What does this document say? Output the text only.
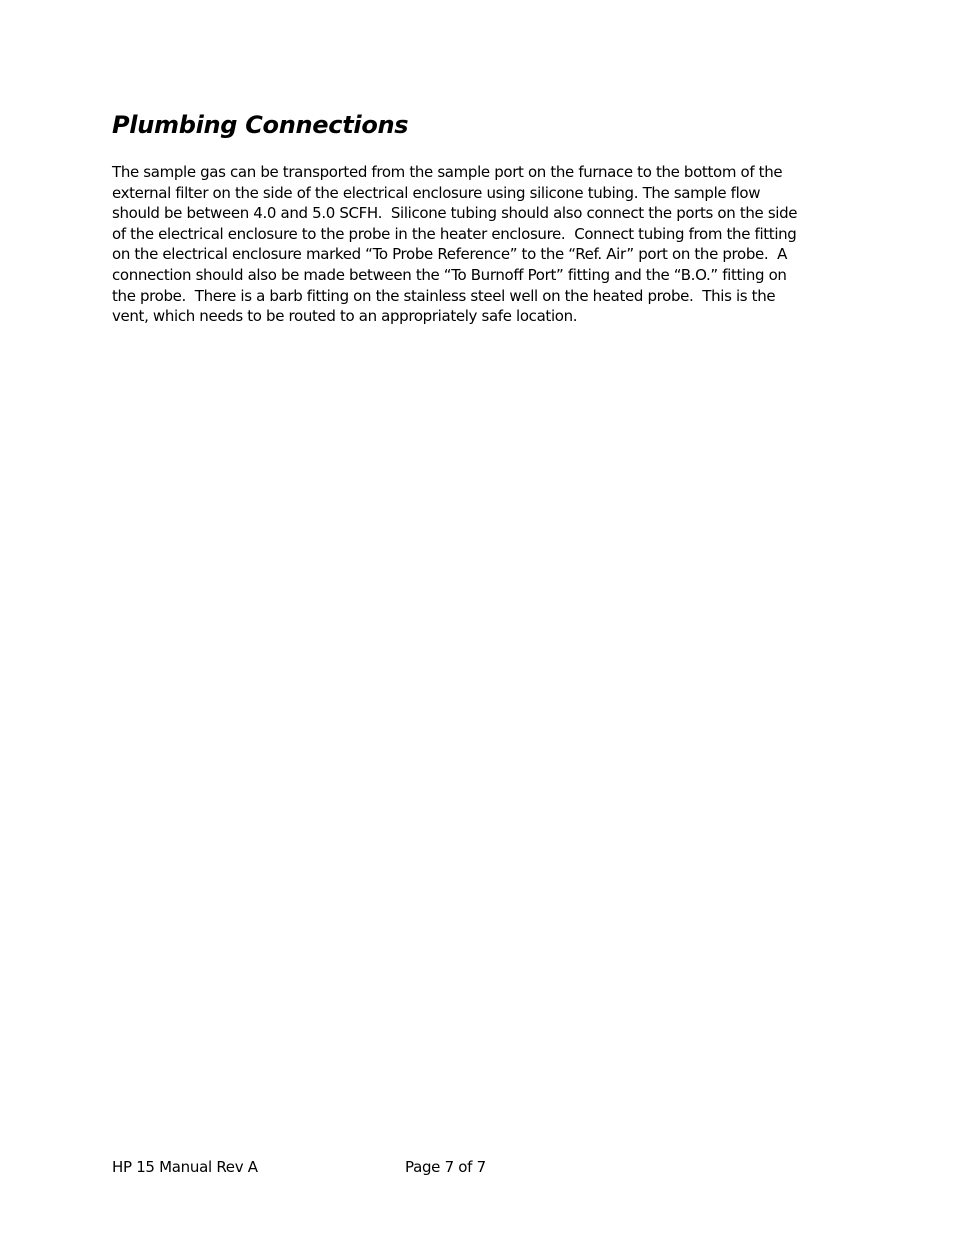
Plumbing Connections
The sample gas can be transported from the sample port on the furnace to the bottom of the
external filter on the side of the electrical enclosure using silicone tubing. The sample flow
should be between 4.0 and 5.0 SCFH.  Silicone tubing should also connect the ports on the side
of the electrical enclosure to the probe in the heater enclosure.  Connect tubing from the fitting
on the electrical enclosure marked “To Probe Reference” to the “Ref. Air” port on the probe.  A
connection should also be made between the “To Burnoff Port” fitting and the “B.O.” fitting on
the probe.  There is a barb fitting on the stainless steel well on the heated probe.  This is the
vent, which needs to be routed to an appropriately safe location.
HP 15 Manual Rev A	Page 7 of 7
